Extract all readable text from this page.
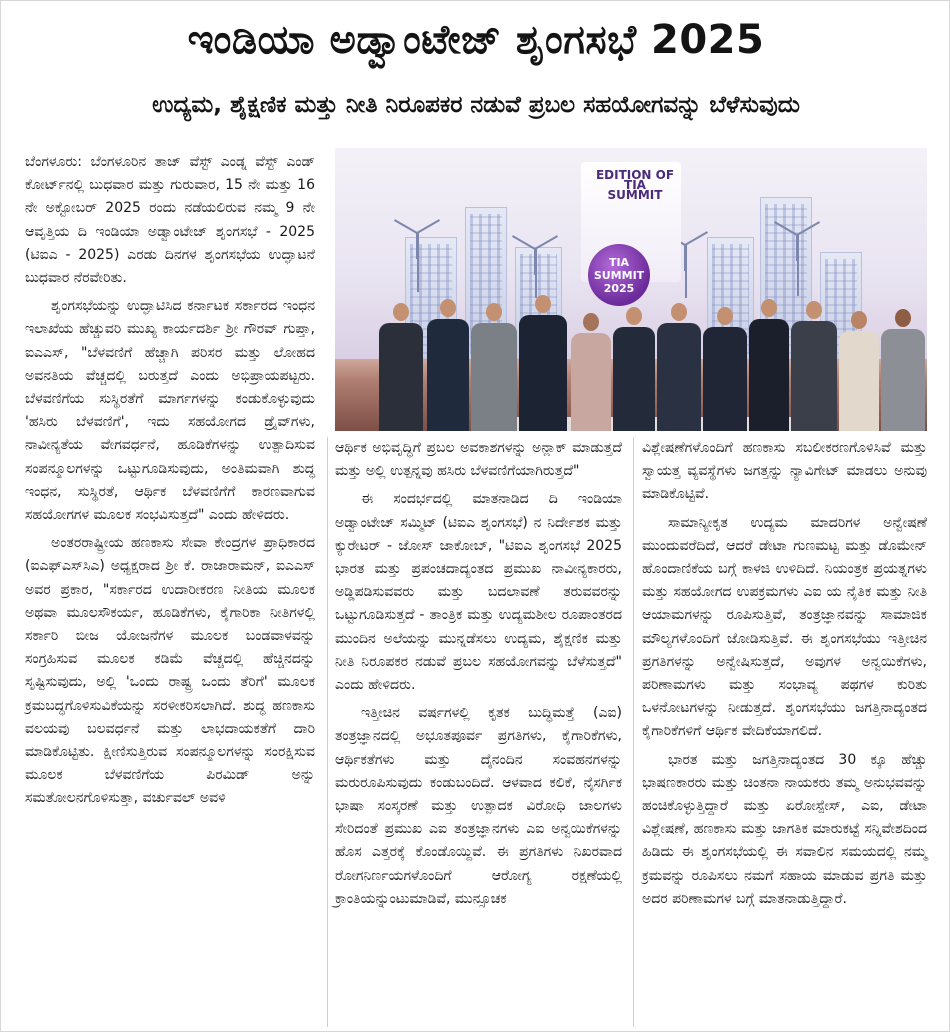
ಇಂಡಿಯಾ ಅಡ್ವಾಂಟೇಜ್ ಶೃಂಗಸಭೆ 2025
ಉದ್ಯಮ, ಶೈಕ್ಷಣಿಕ ಮತ್ತು ನೀತಿ ನಿರೂಪಕರ ನಡುವೆ ಪ್ರಬಲ ಸಹಯೋಗವನ್ನು ಬೆಳೆಸುವುದು

ಬೆಂಗಳೂರು: ಬೆಂಗಳೂರಿನ ತಾಜ್ ವೆಸ್ಟ್ ಎಂಡ್ನ ವೆಸ್ಟ್ ಎಂಡ್ ಕೋರ್ಟ್‌ನಲ್ಲಿ ಬುಧವಾರ ಮತ್ತು ಗುರುವಾರ, 15 ನೇ ಮತ್ತು 16 ನೇ ಅಕ್ಟೋಬರ್ 2025 ರಂದು ನಡೆಯಲಿರುವ ನಮ್ಮ 9 ನೇ ಆವೃತ್ತಿಯ ದಿ ಇಂಡಿಯಾ ಅಡ್ವಾಂಟೇಜ್ ಶೃಂಗಸಭೆ - 2025 (ಟಿಐಎ - 2025) ಎರಡು ದಿನಗಳ ಶೃಂಗಸಭೆಯ ಉದ್ಘಾಟನೆ ಬುಧವಾರ ನೆರವೇರಿತು.

ಶೃಂಗಸಭೆಯನ್ನು ಉದ್ಘಾಟಿಸಿದ ಕರ್ನಾಟಕ ಸರ್ಕಾರದ ಇಂಧನ ಇಲಾಖೆಯ ಹೆಚ್ಚುವರಿ ಮುಖ್ಯ ಕಾರ್ಯದರ್ಶಿ ಶ್ರೀ ಗೌರವ್ ಗುಪ್ತಾ, ಐಎಎಸ್, "ಬೆಳವಣಿಗೆ ಹೆಚ್ಚಾಗಿ ಪರಿಸರ ಮತ್ತು ಲೋಹದ ಅವನತಿಯ ವೆಚ್ಚದಲ್ಲಿ ಬರುತ್ತದೆ ಎಂದು ಅಭಿಪ್ರಾಯಪಟ್ಟರು. ಬೆಳವಣಿಗೆಯ ಸುಸ್ಥಿರತೆಗೆ ಮಾರ್ಗಗಳನ್ನು ಕಂಡುಕೊಳ್ಳುವುದು 'ಹಸಿರು ಬೆಳವಣಿಗೆ', ಇದು ಸಹಯೋಗದ ಡ್ರೈವ್‌ಗಳು, ನಾವೀನ್ಯತೆಯ ವೇಗವರ್ಧನೆ, ಹೂಡಿಕೆಗಳನ್ನು ಉತ್ಪಾದಿಸುವ ಸಂಪನ್ಮೂಲಗಳನ್ನು ಒಟ್ಟುಗೂಡಿಸುವುದು, ಅಂತಿಮವಾಗಿ ಶುದ್ಧ ಇಂಧನ, ಸುಸ್ಥಿರತೆ, ಆರ್ಥಿಕ ಬೆಳವಣಿಗೆಗೆ ಕಾರಣವಾಗುವ ಸಹಯೋಗಗಳ ಮೂಲಕ ಸಂಭವಿಸುತ್ತದೆ" ಎಂದು ಹೇಳಿದರು.

ಅಂತರರಾಷ್ಟ್ರೀಯ ಹಣಕಾಸು ಸೇವಾ ಕೇಂದ್ರಗಳ ಪ್ರಾಧಿಕಾರದ (ಐಎಫ್‌ಎಸ್‌ಸಿಎ) ಅಧ್ಯಕ್ಷರಾದ ಶ್ರೀ ಕೆ. ರಾಜಾರಾಮನ್, ಐಎಎಸ್ ಅವರ ಪ್ರಕಾರ, "ಸರ್ಕಾರದ ಉದಾರೀಕರಣ ನೀತಿಯ ಮೂಲಕ ಅಥವಾ ಮೂಲಸೌಕರ್ಯ, ಹೂಡಿಕೆಗಳು, ಕೈಗಾರಿಕಾ ನೀತಿಗಳಲ್ಲಿ ಸರ್ಕಾರಿ ಬೀಜ ಯೋಜನೆಗಳ ಮೂಲಕ ಬಂಡವಾಳವನ್ನು ಸಂಗ್ರಹಿಸುವ ಮೂಲಕ ಕಡಿಮೆ ವೆಚ್ಚದಲ್ಲಿ ಹೆಚ್ಚಿನದನ್ನು ಸೃಷ್ಟಿಸುವುದು, ಅಲ್ಲಿ 'ಒಂದು ರಾಷ್ಟ್ರ ಒಂದು ತೆರಿಗೆ' ಮೂಲಕ ಕ್ರಮಬದ್ಧಗೊಳಿಸುವಿಕೆಯನ್ನು ಸರಳೀಕರಿಸಲಾಗಿದೆ. ಶುದ್ಧ ಹಣಕಾಸು ವಲಯವು ಬಲವರ್ಧನೆ ಮತ್ತು ಲಾಭದಾಯಕತೆಗೆ ದಾರಿ ಮಾಡಿಕೊಟ್ಟಿತು. ಕ್ಷೀಣಿಸುತ್ತಿರುವ ಸಂಪನ್ಮೂಲಗಳನ್ನು ಸಂರಕ್ಷಿಸುವ ಮೂಲಕ ಬೆಳವಣಿಗೆಯ ಪಿರಮಿಡ್ ಅನ್ನು ಸಮತೋಲನಗೊಳಿಸುತ್ತಾ, ವರ್ಚುವಲ್ ಅವಳಿ

EDITION OF
TIA SUMMIT
TIA
SUMMIT
2025

ಆರ್ಥಿಕ ಅಭಿವೃದ್ಧಿಗೆ ಪ್ರಬಲ ಅವಕಾಶಗಳನ್ನು ಅನ್ಲಾಕ್ ಮಾಡುತ್ತದೆ ಮತ್ತು ಅಲ್ಲಿ ಉತ್ಪನ್ನವು ಹಸಿರು ಬೆಳವಣಿಗೆಯಾಗಿರುತ್ತದೆ"

ಈ ಸಂದರ್ಭದಲ್ಲಿ ಮಾತನಾಡಿದ ದಿ ಇಂಡಿಯಾ ಅಡ್ವಾಂಟೇಜ್ ಸಮ್ಮಿಟ್ (ಟಿಐಎ ಶೃಂಗಸಭೆ) ನ ನಿರ್ದೇಶಕ ಮತ್ತು ಕ್ಯುರೇಟರ್ - ಜೋಸ್ ಜಾಕೋಬ್, "ಟಿಐಎ ಶೃಂಗಸಭೆ 2025 ಭಾರತ ಮತ್ತು ಪ್ರಪಂಚದಾದ್ಯಂತದ ಪ್ರಮುಖ ನಾವೀನ್ಯಕಾರರು, ಅಡ್ಡಿಪಡಿಸುವವರು ಮತ್ತು ಬದಲಾವಣೆ ತರುವವರನ್ನು ಒಟ್ಟುಗೂಡಿಸುತ್ತದೆ - ತಾಂತ್ರಿಕ ಮತ್ತು ಉದ್ಯಮಶೀಲ ರೂಪಾಂತರದ ಮುಂದಿನ ಅಲೆಯನ್ನು ಮುನ್ನಡೆಸಲು ಉದ್ಯಮ, ಶೈಕ್ಷಣಿಕ ಮತ್ತು ನೀತಿ ನಿರೂಪಕರ ನಡುವೆ ಪ್ರಬಲ ಸಹಯೋಗವನ್ನು ಬೆಳೆಸುತ್ತದೆ" ಎಂದು ಹೇಳಿದರು.

ಇತ್ತೀಚಿನ ವರ್ಷಗಳಲ್ಲಿ ಕೃತಕ ಬುದ್ಧಿಮತ್ತೆ (ಎಐ) ತಂತ್ರಜ್ಞಾನದಲ್ಲಿ ಅಭೂತಪೂರ್ವ ಪ್ರಗತಿಗಳು, ಕೈಗಾರಿಕೆಗಳು, ಆರ್ಥಿಕತೆಗಳು ಮತ್ತು ದೈನಂದಿನ ಸಂವಹನಗಳನ್ನು ಮರುರೂಪಿಸುವುದು ಕಂಡುಬಂದಿದೆ. ಆಳವಾದ ಕಲಿಕೆ, ನೈಸರ್ಗಿಕ ಭಾಷಾ ಸಂಸ್ಕರಣೆ ಮತ್ತು ಉತ್ಪಾದಕ ವಿರೋಧಿ ಜಾಲಗಳು ಸೇರಿದಂತೆ ಪ್ರಮುಖ ಎಐ ತಂತ್ರಜ್ಞಾನಗಳು ಎಐ ಅನ್ವಯಿಕೆಗಳನ್ನು ಹೊಸ ಎತ್ತರಕ್ಕೆ ಕೊಂಡೊಯ್ದಿವೆ. ಈ ಪ್ರಗತಿಗಳು ನಿಖರವಾದ ರೋಗನಿರ್ಣಯಗಳೊಂದಿಗೆ ಆರೋಗ್ಯ ರಕ್ಷಣೆಯಲ್ಲಿ ಕ್ರಾಂತಿಯನ್ನುಂಟುಮಾಡಿವೆ, ಮುನ್ಸೂಚಕ

ವಿಶ್ಲೇಷಣೆಗಳೊಂದಿಗೆ ಹಣಕಾಸು ಸಬಲೀಕರಣಗೊಳಿಸಿವೆ ಮತ್ತು ಸ್ವಾಯತ್ತ ವ್ಯವಸ್ಥೆಗಳು ಜಗತ್ತನ್ನು ನ್ಯಾವಿಗೇಟ್ ಮಾಡಲು ಅನುವು ಮಾಡಿಕೊಟ್ಟಿವೆ.

ಸಾಮಾನ್ಯೀಕೃತ ಉದ್ಯಮ ಮಾದರಿಗಳ ಅನ್ವೇಷಣೆ ಮುಂದುವರೆದಿದೆ, ಆದರೆ ಡೇಟಾ ಗುಣಮಟ್ಟ ಮತ್ತು ಡೊಮೇನ್ ಹೊಂದಾಣಿಕೆಯ ಬಗ್ಗೆ ಕಾಳಜಿ ಉಳಿದಿದೆ. ನಿಯಂತ್ರಕ ಪ್ರಯತ್ನಗಳು ಮತ್ತು ಸಹಯೋಗದ ಉಪಕ್ರಮಗಳು ಎಐ ಯ ನೈತಿಕ ಮತ್ತು ನೀತಿ ಆಯಾಮಗಳನ್ನು ರೂಪಿಸುತ್ತಿವೆ, ತಂತ್ರಜ್ಞಾನವನ್ನು ಸಾಮಾಜಿಕ ಮೌಲ್ಯಗಳೊಂದಿಗೆ ಜೋಡಿಸುತ್ತಿವೆ. ಈ ಶೃಂಗಸಭೆಯು ಇತ್ತೀಚಿನ ಪ್ರಗತಿಗಳನ್ನು ಅನ್ವೇಷಿಸುತ್ತದೆ, ಅವುಗಳ ಅನ್ವಯಿಕೆಗಳು, ಪರಿಣಾಮಗಳು ಮತ್ತು ಸಂಭಾವ್ಯ ಪಥಗಳ ಕುರಿತು ಒಳನೋಟಗಳನ್ನು ನೀಡುತ್ತದೆ. ಶೃಂಗಸಭೆಯು ಜಗತ್ತಿನಾದ್ಯಂತದ ಕೈಗಾರಿಕೆಗಳಿಗೆ ಆರ್ಥಿಕ ವೇದಿಕೆಯಾಗಲಿದೆ.

ಭಾರತ ಮತ್ತು ಜಗತ್ತಿನಾದ್ಯಂತದ 30 ಕ್ಕೂ ಹೆಚ್ಚು ಭಾಷಣಕಾರರು ಮತ್ತು ಚಿಂತನಾ ನಾಯಕರು ತಮ್ಮ ಅನುಭವವನ್ನು ಹಂಚಿಕೊಳ್ಳುತ್ತಿದ್ದಾರೆ ಮತ್ತು ಏರೋಸ್ಪೇಸ್, ಎಐ, ಡೇಟಾ ವಿಶ್ಲೇಷಣೆ, ಹಣಕಾಸು ಮತ್ತು ಜಾಗತಿಕ ಮಾರುಕಟ್ಟೆ ಸನ್ನಿವೇಶದಿಂದ ಹಿಡಿದು ಈ ಶೃಂಗಸಭೆಯಲ್ಲಿ ಈ ಸವಾಲಿನ ಸಮಯದಲ್ಲಿ ನಮ್ಮ ಕ್ರಮವನ್ನು ರೂಪಿಸಲು ನಮಗೆ ಸಹಾಯ ಮಾಡುವ ಪ್ರಗತಿ ಮತ್ತು ಅದರ ಪರಿಣಾಮಗಳ ಬಗ್ಗೆ ಮಾತನಾಡುತ್ತಿದ್ದಾರೆ.
